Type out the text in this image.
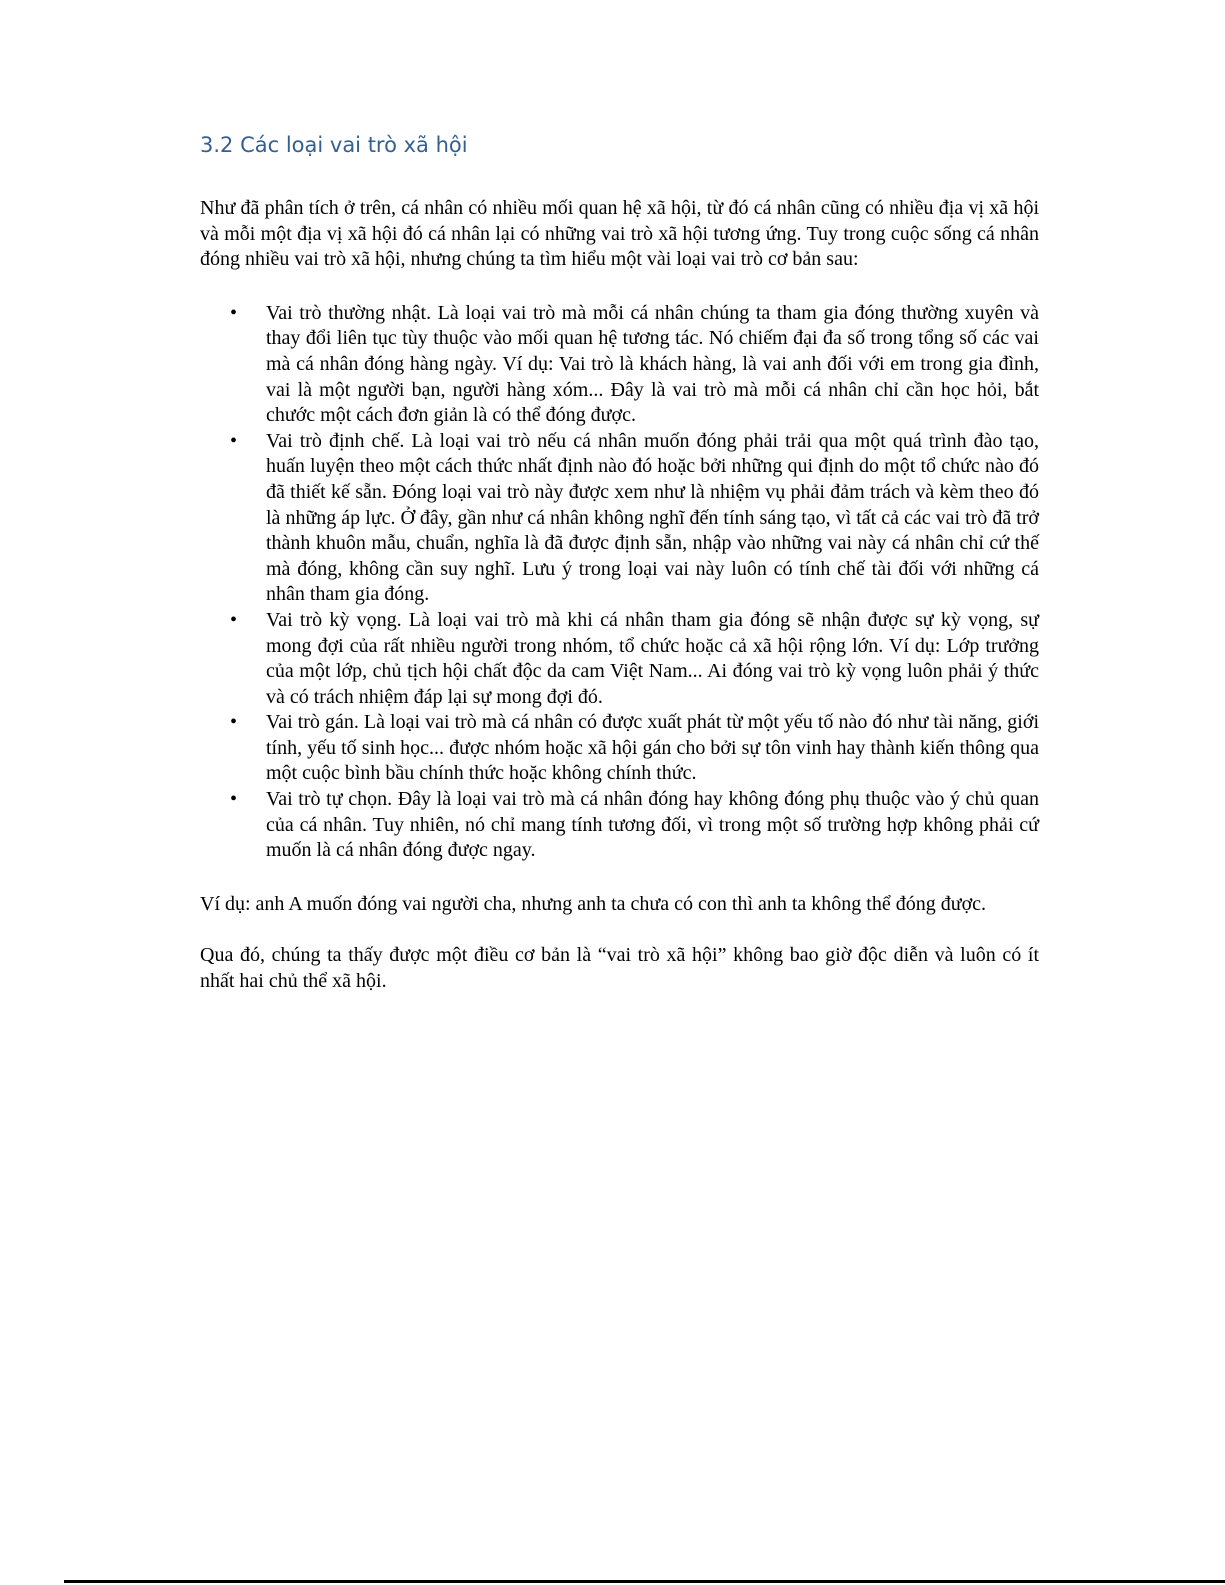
3.2 Các loại vai trò xã hội

Như đã phân tích ở trên, cá nhân có nhiều mối quan hệ xã hội, từ đó cá nhân cũng có nhiều địa vị xã hội và mỗi một địa vị xã hội đó cá nhân lại có những vai trò xã hội tương ứng. Tuy trong cuộc sống cá nhân đóng nhiều vai trò xã hội, nhưng chúng ta tìm hiểu một vài loại vai trò cơ bản sau:

• Vai trò thường nhật. Là loại vai trò mà mỗi cá nhân chúng ta tham gia đóng thường xuyên và thay đổi liên tục tùy thuộc vào mối quan hệ tương tác. Nó chiếm đại đa số trong tổng số các vai mà cá nhân đóng hàng ngày. Ví dụ: Vai trò là khách hàng, là vai anh đối với em trong gia đình, vai là một người bạn, người hàng xóm... Đây là vai trò mà mỗi cá nhân chỉ cần học hỏi, bắt chước một cách đơn giản là có thể đóng được.
• Vai trò định chế. Là loại vai trò nếu cá nhân muốn đóng phải trải qua một quá trình đào tạo, huấn luyện theo một cách thức nhất định nào đó hoặc bởi những qui định do một tổ chức nào đó đã thiết kế sẵn. Đóng loại vai trò này được xem như là nhiệm vụ phải đảm trách và kèm theo đó là những áp lực. Ở đây, gần như cá nhân không nghĩ đến tính sáng tạo, vì tất cả các vai trò đã trở thành khuôn mẫu, chuẩn, nghĩa là đã được định sẵn, nhập vào những vai này cá nhân chỉ cứ thế mà đóng, không cần suy nghĩ. Lưu ý trong loại vai này luôn có tính chế tài đối với những cá nhân tham gia đóng.
• Vai trò kỳ vọng. Là loại vai trò mà khi cá nhân tham gia đóng sẽ nhận được sự kỳ vọng, sự mong đợi của rất nhiều người trong nhóm, tổ chức hoặc cả xã hội rộng lớn. Ví dụ: Lớp trưởng của một lớp, chủ tịch hội chất độc da cam Việt Nam... Ai đóng vai trò kỳ vọng luôn phải ý thức và có trách nhiệm đáp lại sự mong đợi đó.
• Vai trò gán. Là loại vai trò mà cá nhân có được xuất phát từ một yếu tố nào đó như tài năng, giới tính, yếu tố sinh học... được nhóm hoặc xã hội gán cho bởi sự tôn vinh hay thành kiến thông qua một cuộc bình bầu chính thức hoặc không chính thức.
• Vai trò tự chọn. Đây là loại vai trò mà cá nhân đóng hay không đóng phụ thuộc vào ý chủ quan của cá nhân. Tuy nhiên, nó chỉ mang tính tương đối, vì trong một số trường hợp không phải cứ muốn là cá nhân đóng được ngay.

Ví dụ: anh A muốn đóng vai người cha, nhưng anh ta chưa có con thì anh ta không thể đóng được.

Qua đó, chúng ta thấy được một điều cơ bản là “vai trò xã hội” không bao giờ độc diễn và luôn có ít nhất hai chủ thể xã hội.
